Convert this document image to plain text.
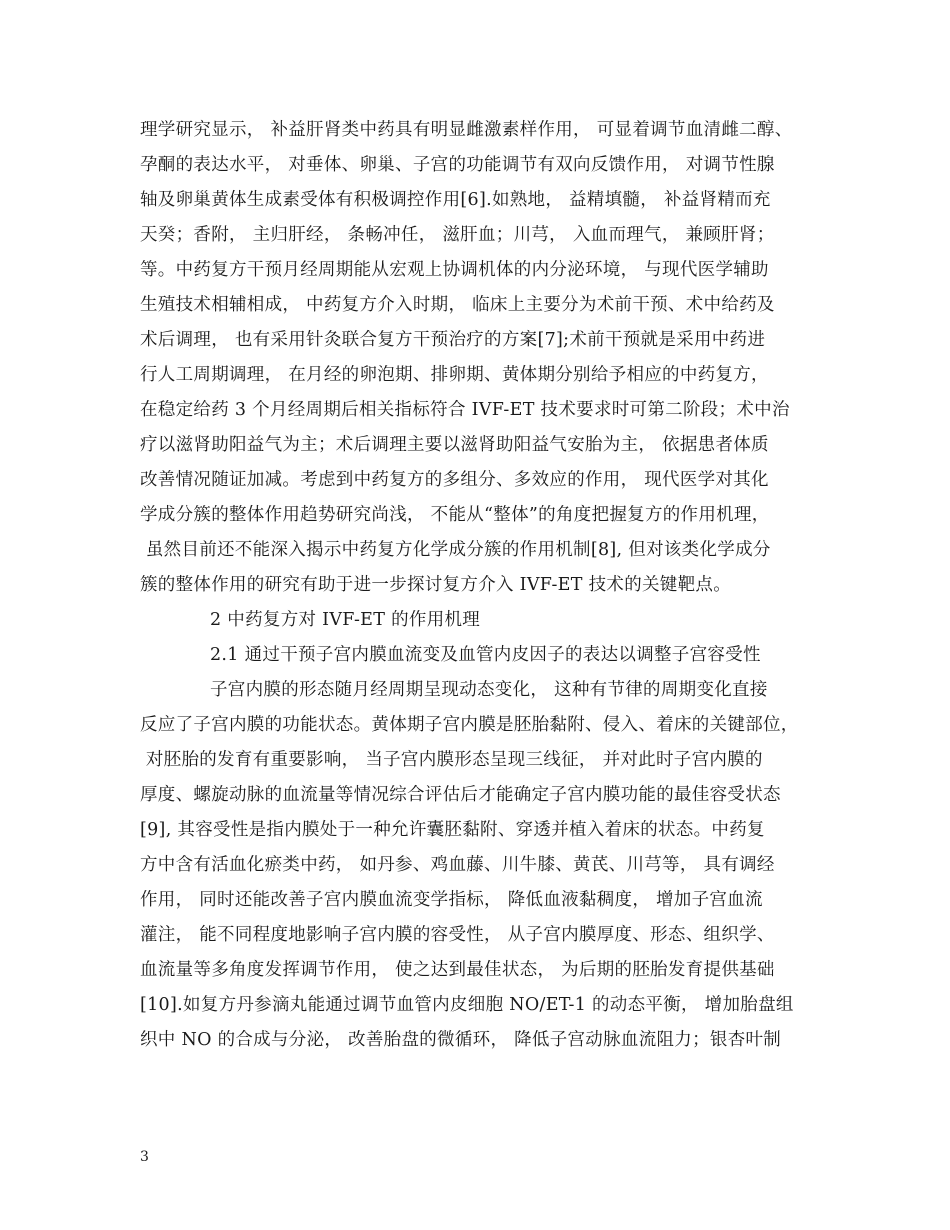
理学研究显示， 补益肝肾类中药具有明显雌激素样作用， 可显着调节血清雌二醇、
孕酮的表达水平， 对垂体、卵巢、子宫的功能调节有双向反馈作用， 对调节性腺
轴及卵巢黄体生成素受体有积极调控作用[6].如熟地， 益精填髓， 补益肾精而充
天癸；香附， 主归肝经， 条畅冲任， 滋肝血；川芎， 入血而理气， 兼顾肝肾；
等。中药复方干预月经周期能从宏观上协调机体的内分泌环境， 与现代医学辅助
生殖技术相辅相成， 中药复方介入时期， 临床上主要分为术前干预、术中给药及
术后调理， 也有采用针灸联合复方干预治疗的方案[7];术前干预就是采用中药进
行人工周期调理， 在月经的卵泡期、排卵期、黄体期分别给予相应的中药复方，
在稳定给药 3 个月经周期后相关指标符合 IVF-ET 技术要求时可第二阶段；术中治
疗以滋肾助阳益气为主；术后调理主要以滋肾助阳益气安胎为主， 依据患者体质
改善情况随证加减。考虑到中药复方的多组分、多效应的作用， 现代医学对其化
学成分簇的整体作用趋势研究尚浅， 不能从“整体”的角度把握复方的作用机理，
虽然目前还不能深入揭示中药复方化学成分簇的作用机制[8], 但对该类化学成分
簇的整体作用的研究有助于进一步探讨复方介入 IVF-ET 技术的关键靶点。
2 中药复方对 IVF-ET 的作用机理
2.1 通过干预子宫内膜血流变及血管内皮因子的表达以调整子宫容受性
子宫内膜的形态随月经周期呈现动态变化， 这种有节律的周期变化直接
反应了子宫内膜的功能状态。黄体期子宫内膜是胚胎黏附、侵入、着床的关键部位，
对胚胎的发育有重要影响， 当子宫内膜形态呈现三线征， 并对此时子宫内膜的
厚度、螺旋动脉的血流量等情况综合评估后才能确定子宫内膜功能的最佳容受状态
[9], 其容受性是指内膜处于一种允许囊胚黏附、穿透并植入着床的状态。中药复
方中含有活血化瘀类中药， 如丹参、鸡血藤、川牛膝、黄芪、川芎等， 具有调经
作用， 同时还能改善子宫内膜血流变学指标， 降低血液黏稠度， 增加子宫血流
灌注， 能不同程度地影响子宫内膜的容受性， 从子宫内膜厚度、形态、组织学、
血流量等多角度发挥调节作用， 使之达到最佳状态， 为后期的胚胎发育提供基础
[10].如复方丹参滴丸能通过调节血管内皮细胞 NO/ET-1 的动态平衡， 增加胎盘组
织中 NO 的合成与分泌， 改善胎盘的微循环， 降低子宫动脉血流阻力；银杏叶制
3
